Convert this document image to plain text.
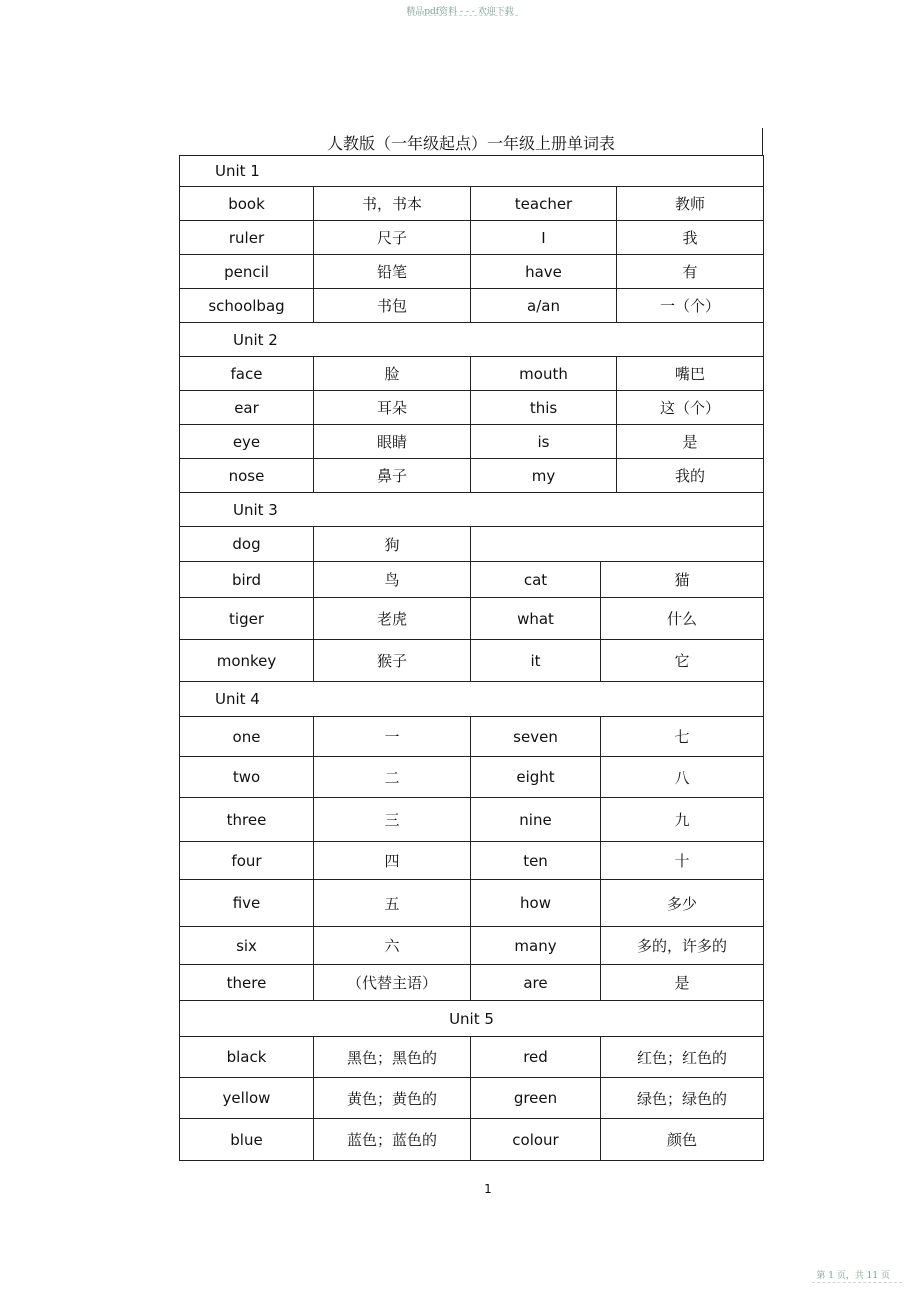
精品pdf资料 - - - 欢迎下载
人教版（一年级起点）一年级上册单词表
Unit 1				
book	书，书本	teacher		教师
ruler	尺子	I		我
pencil	铅笔	have		有
schoolbag	书包	a/an		一（个）
Unit 2				
face	脸	mouth		嘴巴
ear	耳朵	this		这（个）
eye	眼睛	is		是
nose	鼻子	my		我的
Unit 3				
dog	狗			
bird	鸟	cat	猫	
tiger	老虎	what	什么	
monkey	猴子	it	它	
Unit 4				
one	一	seven	七	
two	二	eight	八	
three	三	nine	九	
four	四	ten	十	
five	五	how	多少	
six	六	many	多的，许多的	
there	（代替主语）	are	是	
Unit 5				
black	黑色；黑色的	red	红色；红色的	
yellow	黄色；黄色的	green	绿色；绿色的	
blue	蓝色；蓝色的	colour	颜色	
1
第 1 页，共 11 页
